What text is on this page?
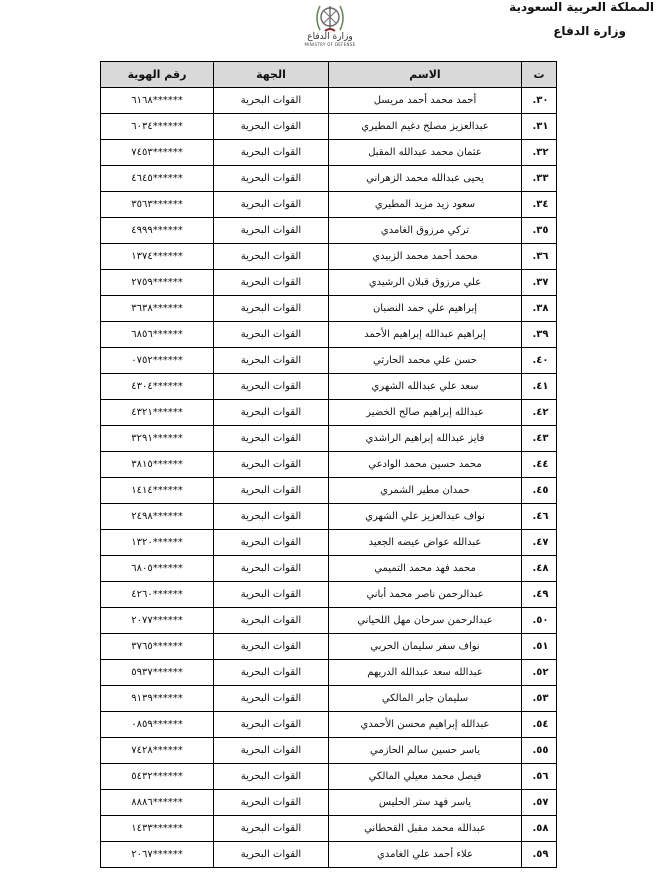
المملكة العربية السعودية
وزارة الدفاع
وزارة الدفاع
MINISTRY OF DEFENSE
ت	الاسم	الجهة	رقم الهوية
٣٠.	أحمد محمد أحمد مريسل	القوات البحرية	******٦١٦٨
٣١.	عبدالعزيز مصلح دغيم المطيري	القوات البحرية	******٦٠٣٤
٣٢.	عثمان محمد عبدالله المقبل	القوات البحرية	******٧٤٥٣
٣٣.	يحيى عبدالله محمد الزهراني	القوات البحرية	******٤٦٤٥
٣٤.	سعود زيد مزيد المطيري	القوات البحرية	******٣٥٦٣
٣٥.	تركي مرزوق الغامدي	القوات البحرية	******٤٩٩٩
٣٦.	محمد أحمد محمد الزبيدي	القوات البحرية	******١٣٧٤
٣٧.	علي مرزوق قبلان الرشيدي	القوات البحرية	******٢٧٥٩
٣٨.	إبراهيم علي حمد النصبان	القوات البحرية	******٣٦٣٨
٣٩.	إبراهيم عبدالله إبراهيم الأحمد	القوات البحرية	******٦٨٥٦
٤٠.	حسن علي محمد الحارثي	القوات البحرية	******٠٧٥٢
٤١.	سعد علي عبدالله الشهري	القوات البحرية	******٤٣٠٤
٤٢.	عبدالله إبراهيم صالح الخضير	القوات البحرية	******٤٣٢١
٤٣.	فايز عبدالله إبراهيم الراشدي	القوات البحرية	******٣٢٩١
٤٤.	محمد حسين محمد الوادعي	القوات البحرية	******٣٨١٥
٤٥.	حمدان مطير الشمري	القوات البحرية	******١٤١٤
٤٦.	نواف عبدالعزيز علي الشهري	القوات البحرية	******٢٤٩٨
٤٧.	عبدالله عواض عيضه الجعيد	القوات البحرية	******١٣٢٠
٤٨.	محمد فهد محمد التميمي	القوات البحرية	******٦٨٠٥
٤٩.	عبدالرحمن ناصر محمد أباني	القوات البحرية	******٤٢٦٠
٥٠.	عبدالرحمن سرحان مهل اللحياني	القوات البحرية	******٢٠٧٧
٥١.	نواف سفر سليمان الحربي	القوات البحرية	******٣٧٦٥
٥٢.	عبدالله سعد عبدالله الدريهم	القوات البحرية	******٥٩٣٧
٥٣.	سليمان جابر المالكي	القوات البحرية	******٩١٣٩
٥٤.	عبدالله إبراهيم محسن الأحمدي	القوات البحرية	******٠٨٥٩
٥٥.	ياسر حسين سالم الحازمي	القوات البحرية	******٧٤٢٨
٥٦.	فيصل محمد معيلي المالكي	القوات البحرية	******٥٤٣٢
٥٧.	ياسر فهد ستر الحليس	القوات البحرية	******٨٨٨٦
٥٨.	عبدالله محمد مقبل القحطاني	القوات البحرية	******١٤٣٣
٥٩.	علاء أحمد علي الغامدي	القوات البحرية	******٢٠٦٧
